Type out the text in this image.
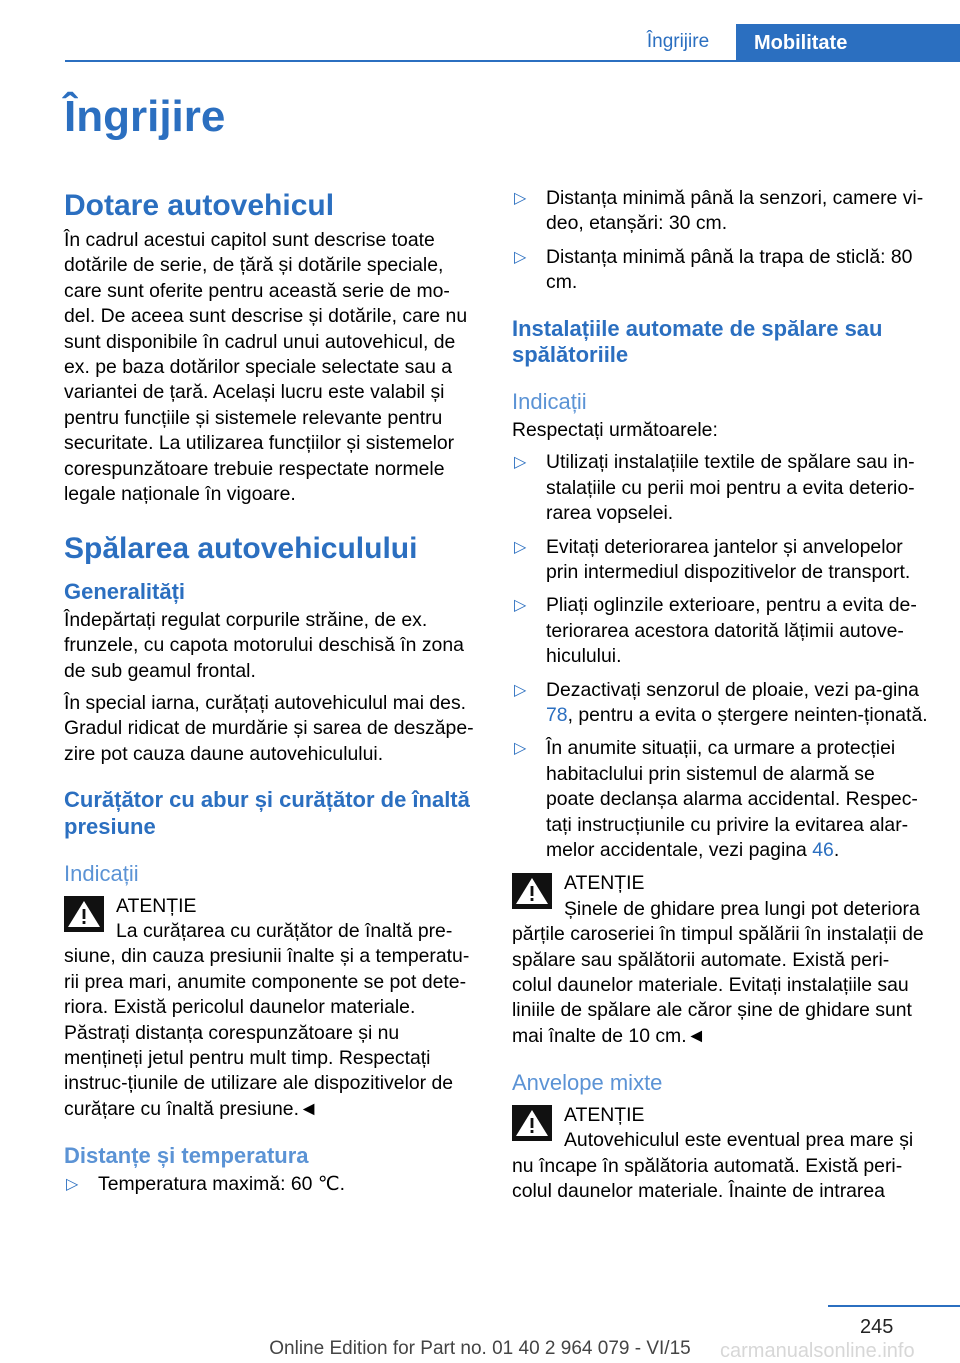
Îngrijire	Mobilitate
Îngrijire
Dotare autovehicul

În cadrul acestui capitol sunt descrise toate dotările de serie, de țără și dotările speciale, care sunt oferite pentru această serie de mo‐del. De aceea sunt descrise și dotările, care nu sunt disponibile în cadrul unui autovehicul, de ex. pe baza dotărilor speciale selectate sau a variantei de țară. Același lucru este valabil și pentru funcțiile și sistemele relevante pentru securitate. La utilizarea funcțiilor și sistemelor corespunzătoare trebuie respectate normele legale naționale în vigoare.

Spălarea autovehiculului
Generalități

Îndepărtați regulat corpurile străine, de ex. frunzele, cu capota motorului deschisă în zona de sub geamul frontal.

În special iarna, curățați autovehiculul mai des. Gradul ridicat de murdărie și sarea de deszăpe‐zire pot cauza daune autovehiculului.

Curățător cu abur și curățător de înaltă presiune
Indicații
ATENȚIE
La curățarea cu curățător de înaltă pre‐

siune, din cauza presiunii înalte și a temperatu‐rii prea mari, anumite componente se pot dete‐riora. Există pericolul daunelor materiale. Păstrați distanța corespunzătoare și nu mențineți jetul pentru mult timp. Respectați instruc‐țiunile de utilizare ale dispozitivelor de curățare cu înaltă presiune.◄

Distanțe și temperatura
▷ Temperatura maximă: 60 ℃.
▷ Distanța minimă până la senzori, camere vi‐deo, etanșări: 30 cm.
▷ Distanța minimă până la trapa de sticlă: 80 cm.
Instalațiile automate de spălare sau spălătoriile
Indicații

Respectați următoarele:

▷ Utilizați instalațiile textile de spălare sau in‐stalațiile cu perii moi pentru a evita deterio‐rarea vopselei.
▷ Evitați deteriorarea jantelor și anvelopelor prin intermediul dispozitivelor de transport.
▷ Pliați oglinzile exterioare, pentru a evita de‐teriorarea acestora datorită lățimii autove‐hiculului.
▷ Dezactivați senzorul de ploaie, vezi pa‐gina 78, pentru a evita o ștergere neinten‐ționată.
▷ În anumite situații, ca urmare a protecției habitaclului prin sistemul de alarmă se poate declanșa alarma accidental. Respec‐tați instrucțiunile cu privire la evitarea alar‐melor accidentale, vezi pagina 46.
ATENȚIE
Șinele de ghidare prea lungi pot deteriora

părțile caroseriei în timpul spălării în instalații de spălare sau spălătorii automate. Există peri‐colul daunelor materiale. Evitați instalațiile sau liniile de spălare ale căror șine de ghidare sunt mai înalte de 10 cm.◄

Anvelope mixte
ATENȚIE
Autovehiculul este eventual prea mare și

nu încape în spălătoria automată. Există peri‐colul daunelor materiale. Înainte de intrarea

245
carmanualsonline.info
Online Edition for Part no. 01 40 2 964 079 - VI/15
